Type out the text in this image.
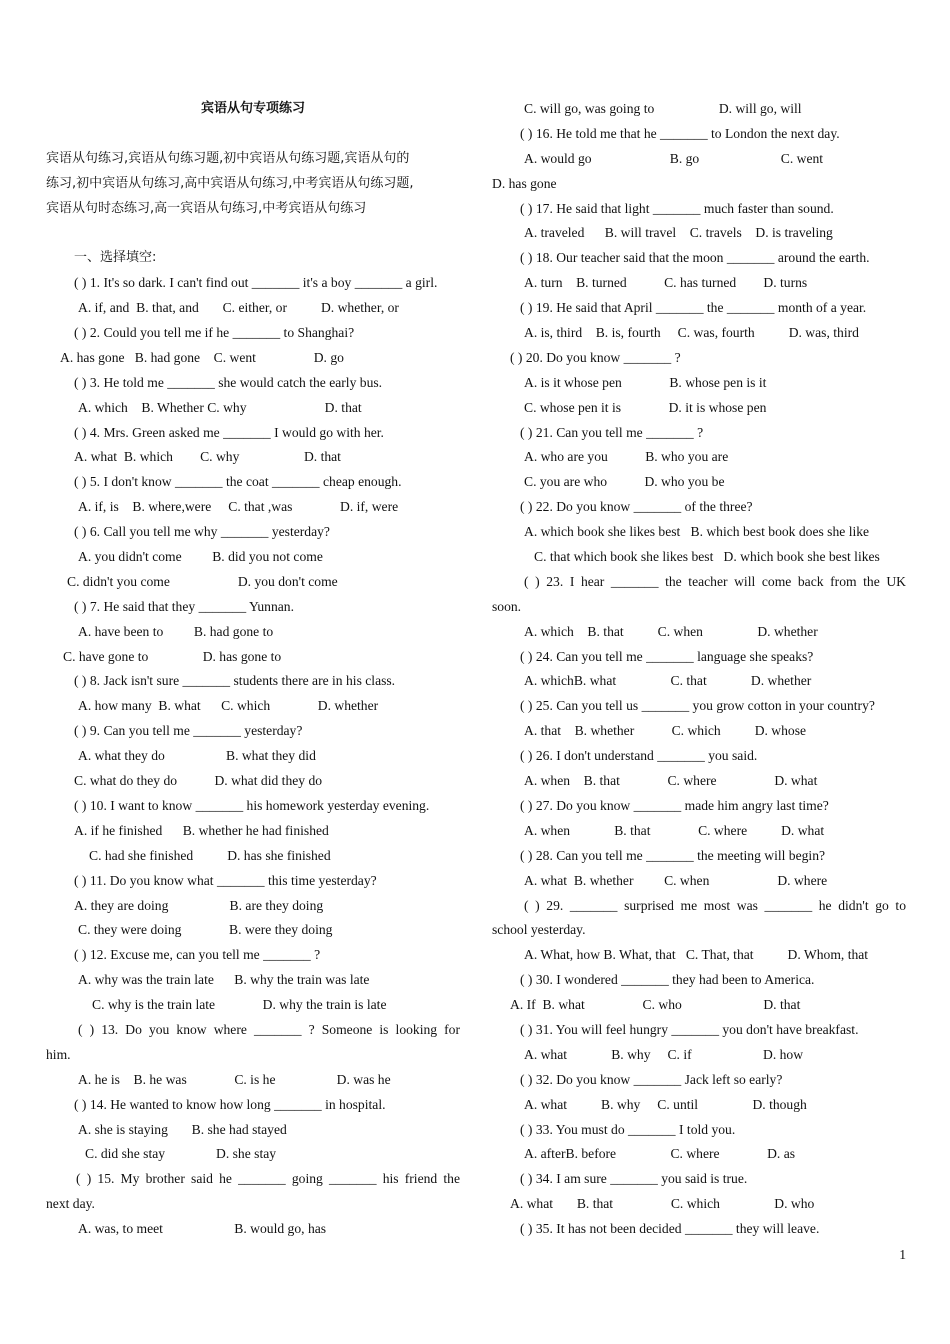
宾语从句专项练习
宾语从句练习,宾语从句练习题,初中宾语从句练习题,宾语从句的
练习,初中宾语从句练习,高中宾语从句练习,中考宾语从句练习题,
宾语从句时态练习,高一宾语从句练习,中考宾语从句练习
一、选择填空:
( ) 1. It's so dark. I can't find out _______ it's a boy _______ a girl.
A. if, and  B. that, and       C. either, or          D. whether, or
( ) 2. Could you tell me if he _______ to Shanghai?
A. has gone   B. had gone    C. went                 D. go
( ) 3. He told me _______ she would catch the early bus.
A. which    B. Whether C. why                       D. that
( ) 4. Mrs. Green asked me _______ I would go with her.
A. what  B. which        C. why                   D. that
( ) 5. I don't know _______ the coat _______ cheap enough.
A. if, is    B. where,were     C. that ,was              D. if, were
( ) 6. Call you tell me why _______ yesterday?
A. you didn't come         B. did you not come
C. didn't you come                    D. you don't come
( ) 7. He said that they _______ Yunnan.
A. have been to         B. had gone to
C. have gone to                D. has gone to
( ) 8. Jack isn't sure _______ students there are in his class.
A. how many  B. what      C. which              D. whether
( ) 9. Can you tell me _______ yesterday?
A. what they do                  B. what they did
C. what do they do           D. what did they do
( ) 10. I want to know _______ his homework yesterday evening.
A. if he finished      B. whether he had finished
C. had she finished          D. has she finished
( ) 11. Do you know what _______ this time yesterday?
A. they are doing                  B. are they doing
C. they were doing              B. were they doing
( ) 12. Excuse me, can you tell me _______ ?
A. why was the train late      B. why the train was late
C. why is the train late              D. why the train is late
( ) 13. Do you know where _______ ? Someone is looking for
him.
A. he is    B. he was              C. is he                  D. was he
( ) 14. He wanted to know how long _______ in hospital.
A. she is staying       B. she had stayed
C. did she stay               D. she stay
( ) 15. My brother said he _______ going _______ his friend the
next day.
A. was, to meet                     B. would go, has
C. will go, was going to                   D. will go, will
( ) 16. He told me that he _______ to London the next day.
A. would go                       B. go                        C. went
D. has gone
( ) 17. He said that light _______ much faster than sound.
A. traveled      B. will travel    C. travels    D. is traveling
( ) 18. Our teacher said that the moon _______ around the earth.
A. turn    B. turned           C. has turned        D. turns
( ) 19. He said that April _______ the _______ month of a year.
A. is, third    B. is, fourth     C. was, fourth          D. was, third
( ) 20. Do you know _______ ?
A. is it whose pen              B. whose pen is it
C. whose pen it is              D. it is whose pen
( ) 21. Can you tell me _______ ?
A. who are you           B. who you are
C. you are who           D. who you be
( ) 22. Do you know _______ of the three?
A. which book she likes best   B. which best book does she like
C. that which book she likes best   D. which book she best likes
( ) 23. I hear _______ the teacher will come back from the UK
soon.
A. which    B. that          C. when                D. whether
( ) 24. Can you tell me _______ language she speaks?
A. whichB. what                C. that             D. whether
( ) 25. Can you tell us _______ you grow cotton in your country?
A. that    B. whether           C. which          D. whose
( ) 26. I don't understand _______ you said.
A. when    B. that              C. where                 D. what
( ) 27. Do you know _______ made him angry last time?
A. when             B. that              C. where          D. what
( ) 28. Can you tell me _______ the meeting will begin?
A. what  B. whether         C. when                    D. where
( ) 29. _______ surprised me most was _______ he didn't go to
school yesterday.
A. What, how B. What, that   C. That, that          D. Whom, that
( ) 30. I wondered _______ they had been to America.
A. If  B. what                 C. who                        D. that
( ) 31. You will feel hungry _______ you don't have breakfast.
A. what             B. why     C. if                     D. how
( ) 32. Do you know _______ Jack left so early?
A. what          B. why     C. until                D. though
( ) 33. You must do _______ I told you.
A. afterB. before                C. where              D. as
( ) 34. I am sure _______ you said is true.
A. what       B. that                 C. which                D. who
( ) 35. It has not been decided _______ they will leave.
1
